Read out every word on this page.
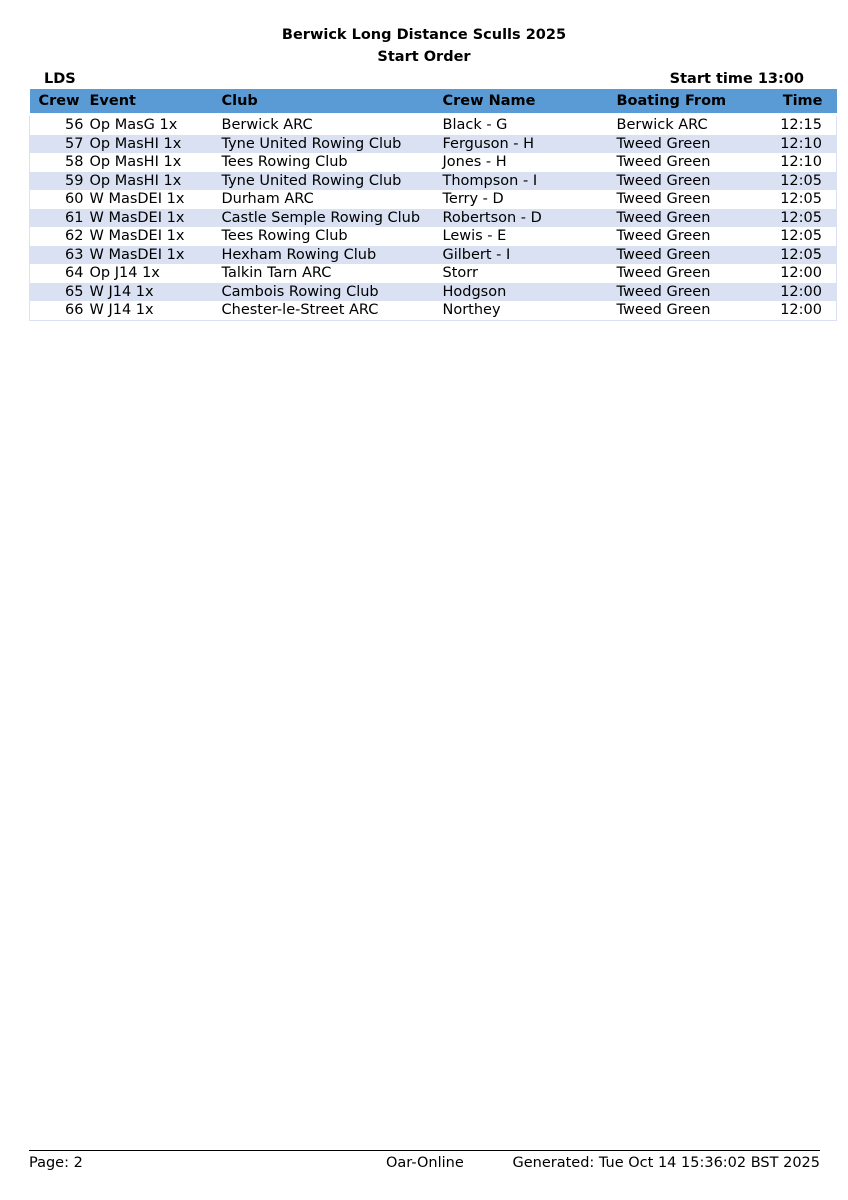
Berwick Long Distance Sculls 2025
Start Order
LDS	Start time 13:00
Crew	Event	Club	Crew Name	Boating From	Time
56	Op MasG 1x	Berwick ARC	Black - G	Berwick ARC	12:15
57	Op MasHI 1x	Tyne United Rowing Club	Ferguson - H	Tweed Green	12:10
58	Op MasHI 1x	Tees Rowing Club	Jones - H	Tweed Green	12:10
59	Op MasHI 1x	Tyne United Rowing Club	Thompson - I	Tweed Green	12:05
60	W MasDEI 1x	Durham ARC	Terry - D	Tweed Green	12:05
61	W MasDEI 1x	Castle Semple Rowing Club	Robertson - D	Tweed Green	12:05
62	W MasDEI 1x	Tees Rowing Club	Lewis - E	Tweed Green	12:05
63	W MasDEI 1x	Hexham Rowing Club	Gilbert - I	Tweed Green	12:05
64	Op J14 1x	Talkin Tarn ARC	Storr	Tweed Green	12:00
65	W J14 1x	Cambois Rowing Club	Hodgson	Tweed Green	12:00
66	W J14 1x	Chester-le-Street ARC	Northey	Tweed Green	12:00
Page: 2	Oar-Online	Generated: Tue Oct 14 15:36:02 BST 2025
